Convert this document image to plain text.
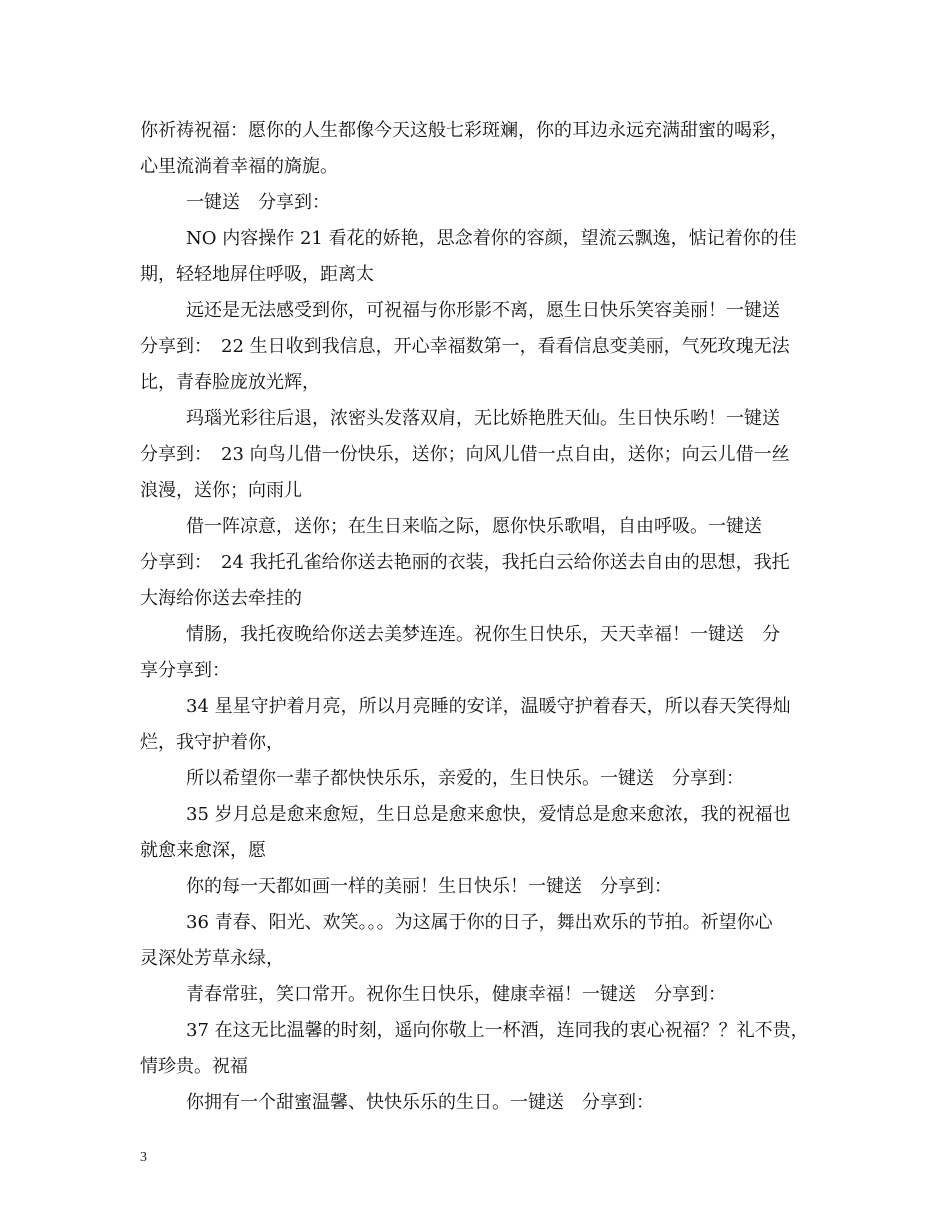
你祈祷祝福：愿你的人生都像今天这般七彩斑斓，你的耳边永远充满甜蜜的喝彩，
心里流淌着幸福的旖旎。
一键送　分享到：
NO 内容操作 21 看花的娇艳，思念着你的容颜，望流云飘逸，惦记着你的佳
期，轻轻地屏住呼吸，距离太
远还是无法感受到你，可祝福与你形影不离，愿生日快乐笑容美丽！一键送
分享到：　22 生日收到我信息，开心幸福数第一，看看信息变美丽，气死玫瑰无法
比，青春脸庞放光辉，
玛瑙光彩往后退，浓密头发落双肩，无比娇艳胜天仙。生日快乐哟！一键送
分享到：　23 向鸟儿借一份快乐，送你；向风儿借一点自由，送你；向云儿借一丝
浪漫，送你；向雨儿
借一阵凉意，送你；在生日来临之际，愿你快乐歌唱，自由呼吸。一键送
分享到：　24 我托孔雀给你送去艳丽的衣装，我托白云给你送去自由的思想，我托
大海给你送去牵挂的
情肠，我托夜晚给你送去美梦连连。祝你生日快乐，天天幸福！一键送　分
享分享到：
34 星星守护着月亮，所以月亮睡的安详，温暖守护着春天，所以春天笑得灿
烂，我守护着你，
所以希望你一辈子都快快乐乐，亲爱的，生日快乐。一键送　分享到：
35 岁月总是愈来愈短，生日总是愈来愈快，爱情总是愈来愈浓，我的祝福也
就愈来愈深，愿
你的每一天都如画一样的美丽！生日快乐！一键送　分享到：
36 青春、阳光、欢笑。。。为这属于你的日子，舞出欢乐的节拍。祈望你心
灵深处芳草永绿，
青春常驻，笑口常开。祝你生日快乐，健康幸福！一键送　分享到：
37 在这无比温馨的时刻，遥向你敬上一杯酒，连同我的衷心祝福？？礼不贵，
情珍贵。祝福
你拥有一个甜蜜温馨、快快乐乐的生日。一键送　分享到：
3
